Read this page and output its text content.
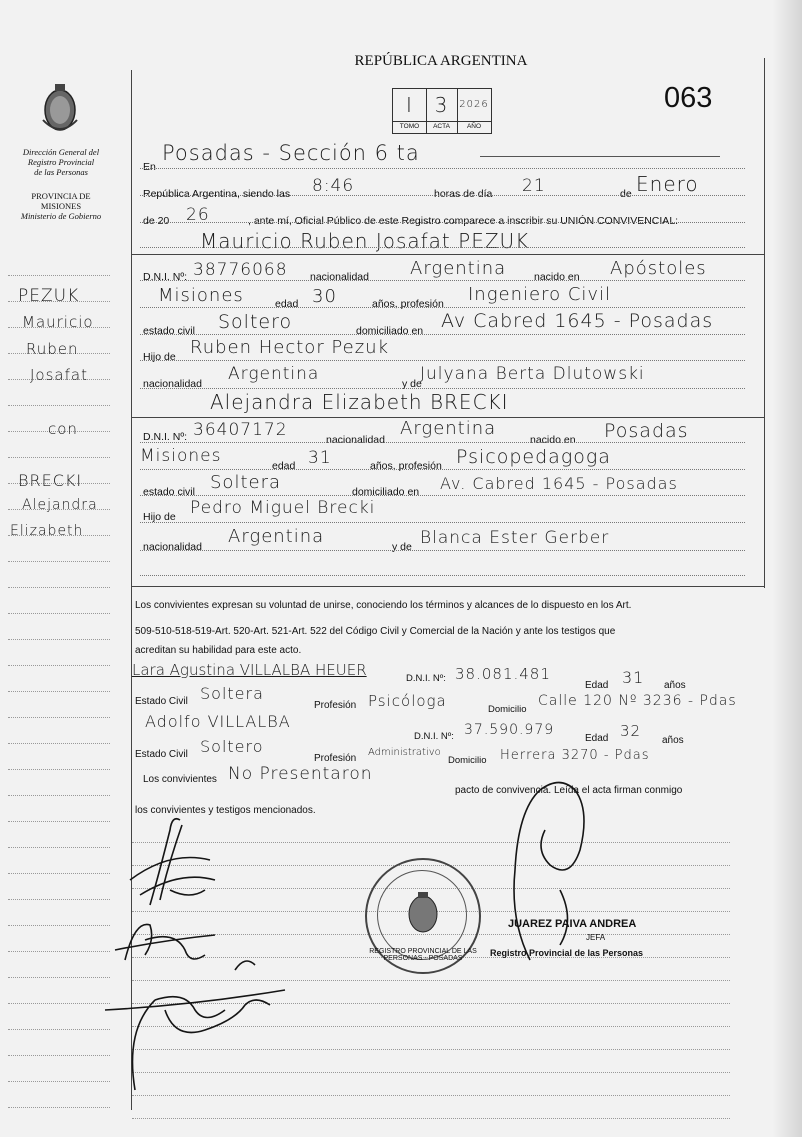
REPÚBLICA ARGENTINA
063
I	3	2026
TOMO	ACTA	AÑO
Dirección General del
Registro Provincial
de las Personas
PROVINCIA DE
MISIONES
Ministerio de Gobierno
PEZUK
Mauricio
Ruben
Josafat
con
BRECKI
Alejandra
Elizabeth
En
Posadas - Sección 6 ta
República Argentina, siendo las 8:46	horas de día 21	de Enero
de 20 26	, ante mí, Oficial Público de este Registro comparece a inscribir su UNIÓN CONVIVENCIAL:
Mauricio Ruben Josafat PEZUK
D.N.I. Nº: 38776068 nacionalidad Argentina	nacido en Apóstoles
Misiones	edad 30	años, profesión Ingeniero Civil
estado civil Soltero	domiciliado en Av Cabred 1645 - Posadas
Hijo de Ruben Hector Pezuk
nacionalidad Argentina	y de
Julyana Berta Dlutowski
Alejandra Elizabeth BRECKI
D.N.I. Nº: 36407172	nacionalidad
Argentina
nacido en Posadas
Misiones	edad 31	años, profesión Psicopedagoga
estado civil Soltera	domiciliado en Av. Cabred 1645 - Posadas
Hijo de Pedro Miguel Brecki
nacionalidad Argentina	y de Blanca Ester Gerber
Los convivientes expresan su voluntad de unirse, conociendo los términos y alcances de lo dispuesto en los Art.
509-510-518-519-Art. 520-Art. 521-Art. 522 del Código Civil y Comercial de la Nación y ante los testigos que
acreditan su habilidad para este acto.
Lara Agustina VILLALBA HEUER	D.N.I. Nº: 38.081.481
Edad 31 años
Estado Civil Soltera
Profesión Psicóloga	Domicilio
Calle 120 Nº 3236 - Pdas
Adolfo VILLALBA
D.N.I. Nº: 37.590.979
Edad 32
años
Estado Civil Soltero
Profesión
Administrativo
Domicilio Herrera 3270 - Pdas
Los convivientes No Presentaron
pacto de convivencia. Leída el acta firman conmigo
los convivientes y testigos mencionados.
REGISTRO PROVINCIAL DE LAS PERSONAS - POSADAS
JUAREZ PAIVA ANDREA
JEFA
Registro Provincial de las Personas
